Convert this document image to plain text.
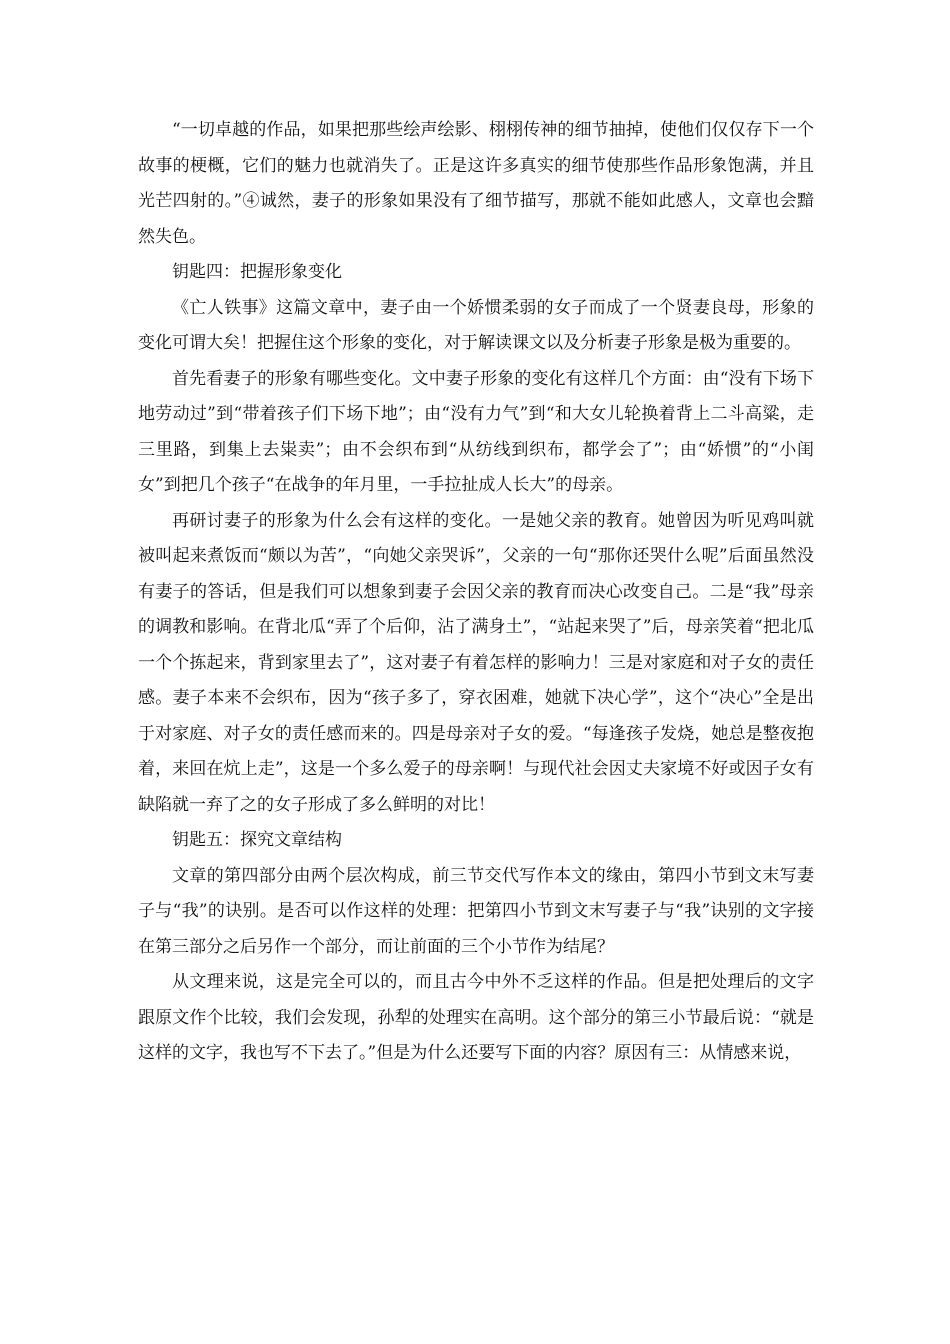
“一切卓越的作品，如果把那些绘声绘影、栩栩传神的细节抽掉，使他们仅仅存下一个故事的梗概，它们的魅力也就消失了。正是这许多真实的细节使那些作品形象饱满，并且光芒四射的。”④诚然，妻子的形象如果没有了细节描写，那就不能如此感人，文章也会黯然失色。

钥匙四：把握形象变化

《亡人铁事》这篇文章中，妻子由一个娇惯柔弱的女子而成了一个贤妻良母，形象的变化可谓大矣！把握住这个形象的变化，对于解读课文以及分析妻子形象是极为重要的。

首先看妻子的形象有哪些变化。文中妻子形象的变化有这样几个方面：由“没有下场下地劳动过”到“带着孩子们下场下地”；由“没有力气”到“和大女儿轮换着背上二斗高粱，走三里路，到集上去粜卖”；由不会织布到“从纺线到织布，都学会了”；由“娇惯”的“小闺女”到把几个孩子“在战争的年月里，一手拉扯成人长大”的母亲。

再研讨妻子的形象为什么会有这样的变化。一是她父亲的教育。她曾因为听见鸡叫就被叫起来煮饭而“颇以为苦”，“向她父亲哭诉”，父亲的一句“那你还哭什么呢”后面虽然没有妻子的答话，但是我们可以想象到妻子会因父亲的教育而决心改变自己。二是“我”母亲的调教和影响。在背北瓜“弄了个后仰，沾了满身土”，“站起来哭了”后，母亲笑着“把北瓜一个个拣起来，背到家里去了”，这对妻子有着怎样的影响力！三是对家庭和对子女的责任感。妻子本来不会织布，因为“孩子多了，穿衣困难，她就下决心学”，这个“决心”全是出于对家庭、对子女的责任感而来的。四是母亲对子女的爱。“每逢孩子发烧，她总是整夜抱着，来回在炕上走”，这是一个多么爱子的母亲啊！与现代社会因丈夫家境不好或因子女有缺陷就一弃了之的女子形成了多么鲜明的对比！

钥匙五：探究文章结构

文章的第四部分由两个层次构成，前三节交代写作本文的缘由，第四小节到文末写妻子与“我”的诀别。是否可以作这样的处理：把第四小节到文末写妻子与“我”诀别的文字接在第三部分之后另作一个部分，而让前面的三个小节作为结尾？

从文理来说，这是完全可以的，而且古今中外不乏这样的作品。但是把处理后的文字跟原文作个比较，我们会发现，孙犁的处理实在高明。这个部分的第三小节最后说：“就是这样的文字，我也写不下去了。”但是为什么还要写下面的内容？原因有三：从情感来说，
